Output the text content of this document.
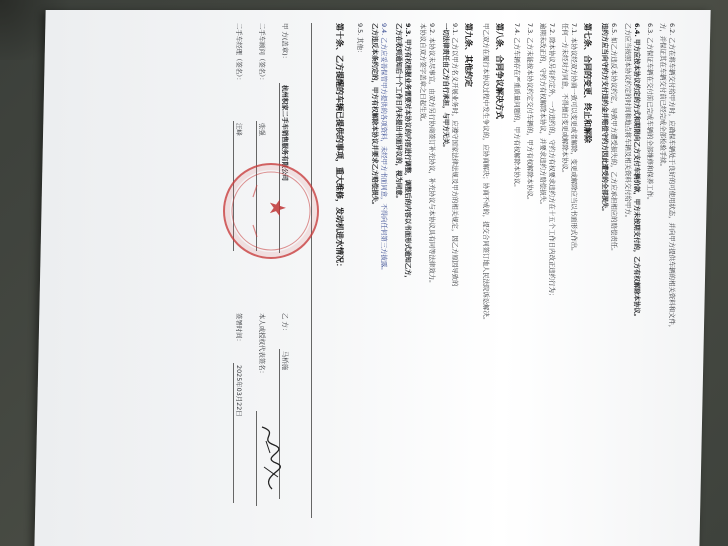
6.2. 乙方在将车辆交付给甲方时，应确保车辆处于良好的可使用状态，并向甲方提供车辆的相关资料和文件，
方，并保证其在车辆交付前已经完成全部检验手续。
6.3. 乙方保证车辆在交付前已完成车辆的全部维修和保养工作。
6.4. 甲方应按本协议约定的方式和期限向乙方支付车辆价款，甲方未按期支付的，乙方有权解除本协议。
乙方应当按照本协议约定的时间和地点将车辆及相关资料交付给甲方。
6.5. 如乙方违反本协议约定，导致甲方遭受损失的，乙方应承担相应的赔偿责任。
违约方应当向守约方支付违约金并赔偿守约方因此遭受的全部损失。
第七条、合同的变更、终止和解除
7.1. 本协议经双方协商一致可以变更或者解除，变更或解除应当以书面形式作出。
任何一方未经对方同意，不得擅自变更或解除本协议。
7.2. 除本协议另有约定外，一方违约的，守约方有权要求违约方在十五个工作日内改正违约行为；
逾期未改正的，守约方有权解除本协议，并要求违约方赔偿损失。
7.3. 乙方未能按本协议约定交付车辆的，甲方有权解除本协议。
7.4. 乙方车辆存在严重质量问题的，甲方有权解除本协议。
第八条、合同争议解决方式
甲乙双方在履行本协议过程中发生争议的，应协商解决；协商不成的，提交合同签订地人民法院诉讼解决。
第九条、其他约定
9.1. 乙方以甲方名义开展业务时，应遵守国家法律法规及甲方的相关规定，因乙方原因导致的
一切法律责任由乙方自行承担，与甲方无关。
9.2. 本协议未尽事宜，由双方另行协商签订补充协议，补充协议与本协议具有同等法律效力。
本协议自双方签字盖章之日起生效。
9.3. 甲方有权根据业务需要对本协议的内容进行调整，调整后的内容以书面形式通知乙方，
乙方在收到通知后十个工作日内未提出书面异议的，视为同意。
9.4. 乙方应妥善保管甲方提供的各项资料，未经甲方书面同意，不得向任何第三方披露。
乙方违反本条约定的，甲方有权解除本协议并要求乙方赔偿损失。
9.5. 其他：
第十条、乙方提醒的车辆已提供的事项，重大维修，发动机进水情况：
甲 方(盖章)：
杭州积家二手车销售服务有限公司
乙 方：
马桥施
二手车顾问（签名）：
张强
本人或授权代表签名：
二手车经理（签名）：
汪峰
签署时间：
2025年03月22日
★
